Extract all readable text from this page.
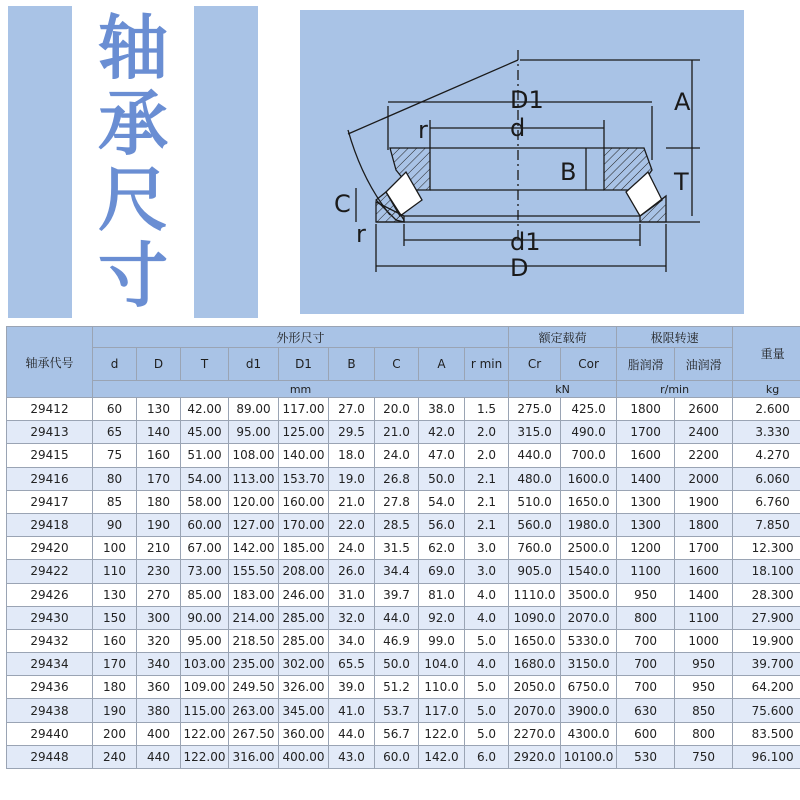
轴
承
尺
寸
D1
d
r
B
A
T
C
r	d1
D
轴承代号	外形尺寸									额定载荷		极限转速		重量
	d	D	T	d1	D1	B	C	A	r min	Cr	Cor	脂润滑	油润滑	
	mm									kN		r/min		kg
29412	60	130	42.00	89.00	117.00	27.0	20.0	38.0	1.5	275.0	425.0	1800	2600	2.600
29413	65	140	45.00	95.00	125.00	29.5	21.0	42.0	2.0	315.0	490.0	1700	2400	3.330
29415	75	160	51.00	108.00	140.00	18.0	24.0	47.0	2.0	440.0	700.0	1600	2200	4.270
29416	80	170	54.00	113.00	153.70	19.0	26.8	50.0	2.1	480.0	1600.0	1400	2000	6.060
29417	85	180	58.00	120.00	160.00	21.0	27.8	54.0	2.1	510.0	1650.0	1300	1900	6.760
29418	90	190	60.00	127.00	170.00	22.0	28.5	56.0	2.1	560.0	1980.0	1300	1800	7.850
29420	100	210	67.00	142.00	185.00	24.0	31.5	62.0	3.0	760.0	2500.0	1200	1700	12.300
29422	110	230	73.00	155.50	208.00	26.0	34.4	69.0	3.0	905.0	1540.0	1100	1600	18.100
29426	130	270	85.00	183.00	246.00	31.0	39.7	81.0	4.0	1110.0	3500.0	950	1400	28.300
29430	150	300	90.00	214.00	285.00	32.0	44.0	92.0	4.0	1090.0	2070.0	800	1100	27.900
29432	160	320	95.00	218.50	285.00	34.0	46.9	99.0	5.0	1650.0	5330.0	700	1000	19.900
29434	170	340	103.00	235.00	302.00	65.5	50.0	104.0	4.0	1680.0	3150.0	700	950	39.700
29436	180	360	109.00	249.50	326.00	39.0	51.2	110.0	5.0	2050.0	6750.0	700	950	64.200
29438	190	380	115.00	263.00	345.00	41.0	53.7	117.0	5.0	2070.0	3900.0	630	850	75.600
29440	200	400	122.00	267.50	360.00	44.0	56.7	122.0	5.0	2270.0	4300.0	600	800	83.500
29448	240	440	122.00	316.00	400.00	43.0	60.0	142.0	6.0	2920.0	10100.0	530	750	96.100
